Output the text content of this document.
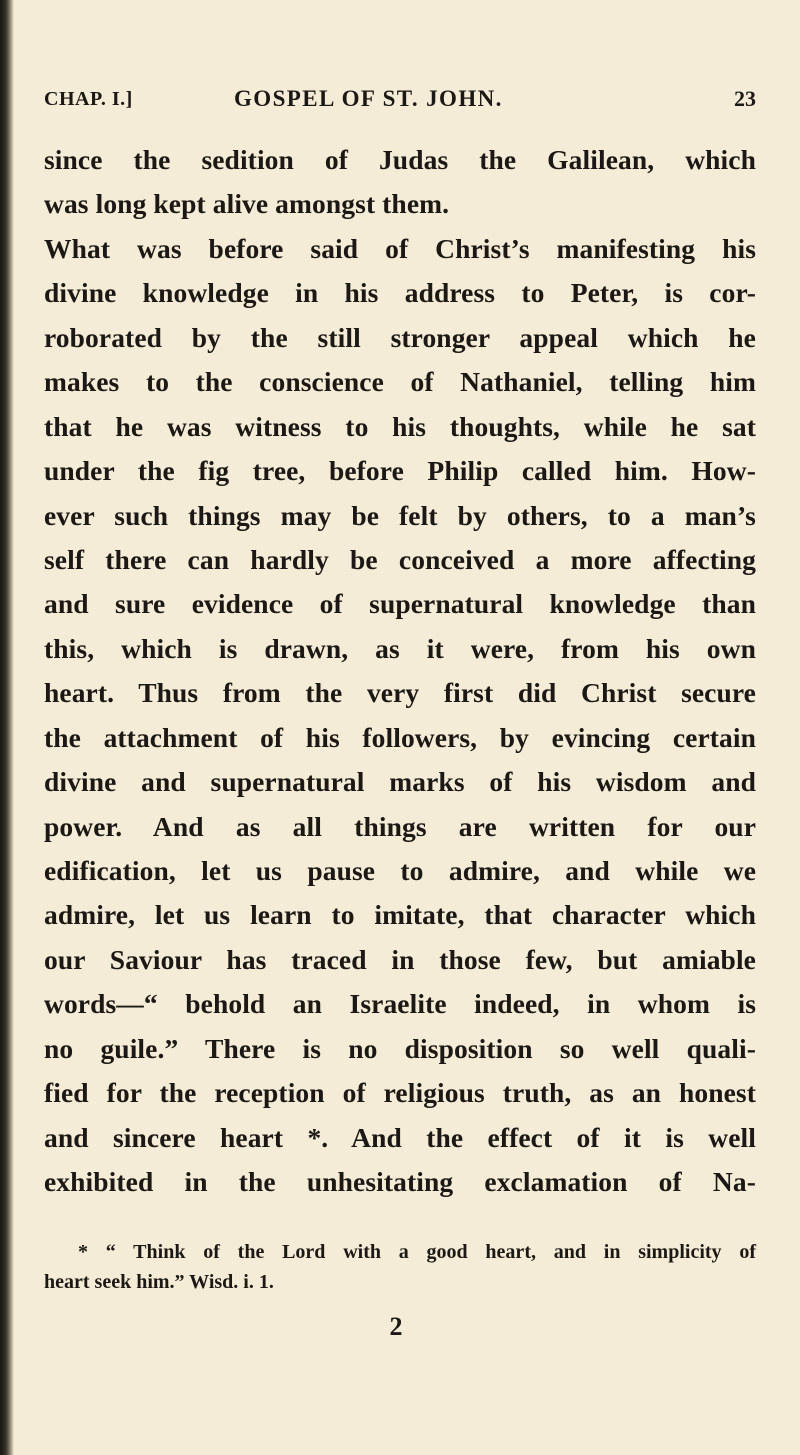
CHAP. I.]	GOSPEL OF ST. JOHN.	23
since the sedition of Judas the Galilean, which
was long kept alive amongst them.
What was before said of Christ’s manifesting his
divine knowledge in his address to Peter, is cor-
roborated by the still stronger appeal which he
makes to the conscience of Nathaniel, telling him
that he was witness to his thoughts, while he sat
under the fig tree, before Philip called him. How-
ever such things may be felt by others, to a man’s
self there can hardly be conceived a more affecting
and sure evidence of supernatural knowledge than
this, which is drawn, as it were, from his own
heart. Thus from the very first did Christ secure
the attachment of his followers, by evincing certain
divine and supernatural marks of his wisdom and
power. And as all things are written for our
edification, let us pause to admire, and while we
admire, let us learn to imitate, that character which
our Saviour has traced in those few, but amiable
words—“ behold an Israelite indeed, in whom is
no guile.” There is no disposition so well quali-
fied for the reception of religious truth, as an honest
and sincere heart *. And the effect of it is well
exhibited in the unhesitating exclamation of Na-
* “ Think of the Lord with a good heart, and in simplicity of
heart seek him.” Wisd. i. 1.
2
